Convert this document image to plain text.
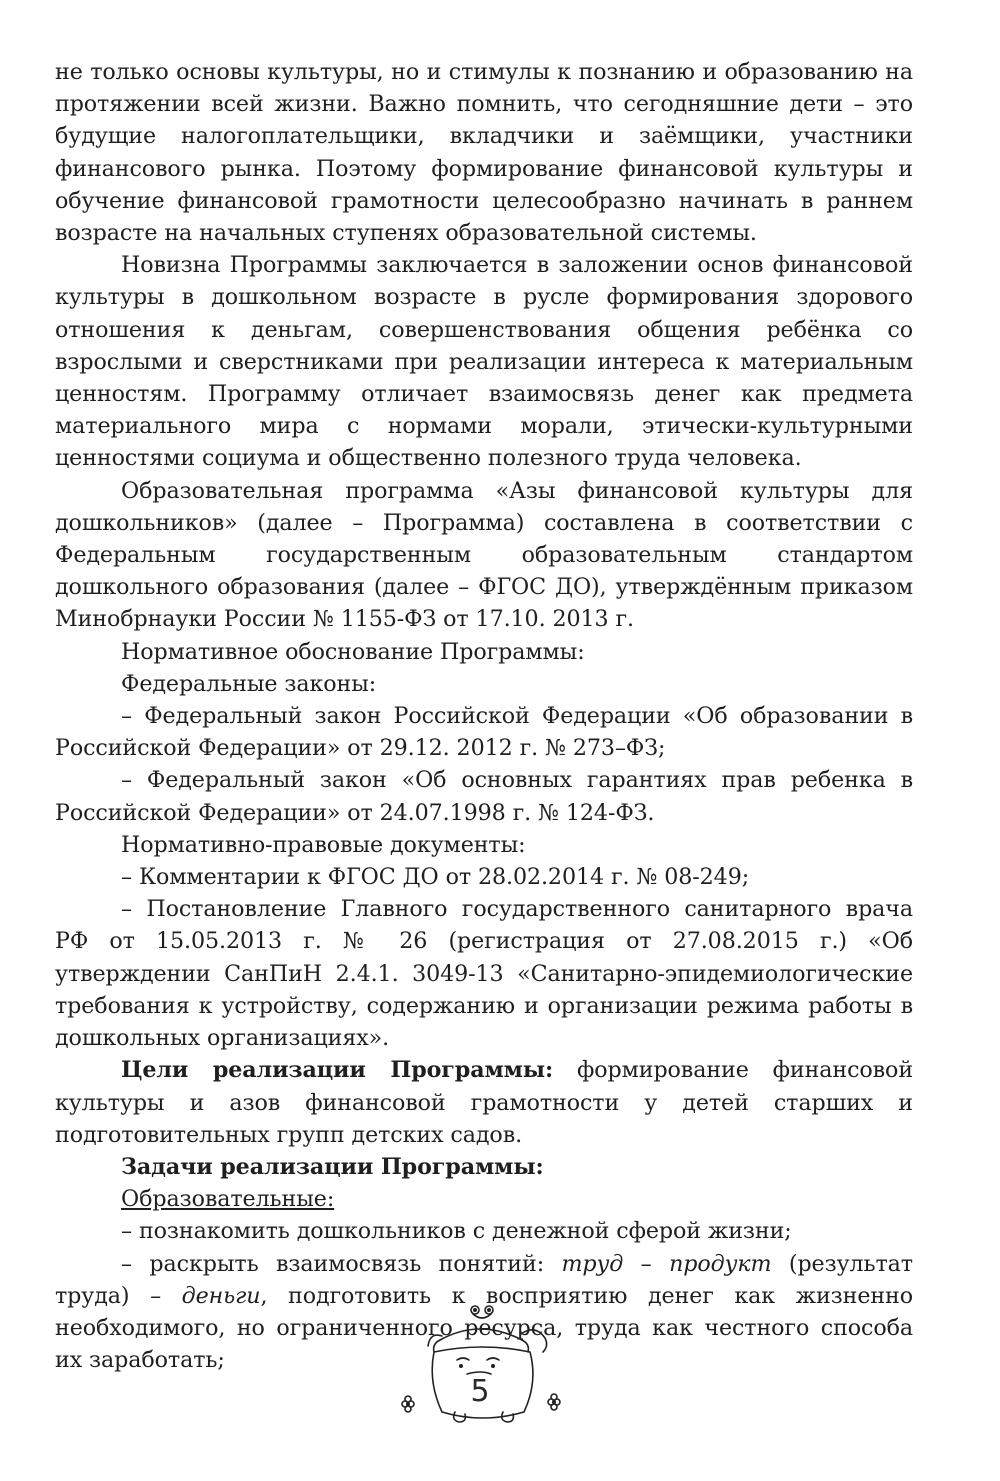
не только основы культуры, но и стимулы к познанию и образованию на протяжении всей жизни. Важно помнить, что сегодняшние дети – это будущие налогоплательщики, вкладчики и заёмщики, участники финансового рынка. Поэтому формирование финансовой культуры и обучение финансовой грамотности целесообразно начинать в раннем возрасте на начальных ступенях образовательной системы.

Новизна Программы заключается в заложении основ финансовой культуры в дошкольном возрасте в русле формирования здорового отношения к деньгам, совершенствования общения ребёнка со взрослыми и сверстниками при реализации интереса к материальным ценностям. Программу отличает взаимосвязь денег как предмета материального мира с нормами морали, этически-культурными ценностями социума и общественно полезного труда человека.

Образовательная программа «Азы финансовой культуры для дошкольников» (далее – Программа) составлена в соответствии с Федеральным государственным образовательным стандартом дошкольного образования (далее – ФГОС ДО), утверждённым приказом Минобрнауки России № 1155-ФЗ от 17.10. 2013 г.

Нормативное обоснование Программы:

Федеральные законы:

– Федеральный закон Российской Федерации «Об образовании в Российской Федерации» от 29.12. 2012 г. № 273–ФЗ;

– Федеральный закон «Об основных гарантиях прав ребенка в Российской Федерации» от 24.07.1998 г. № 124-ФЗ.

Нормативно-правовые документы:

– Комментарии к ФГОС ДО от 28.02.2014 г. № 08-249;

– Постановление Главного государственного санитарного врача РФ от 15.05.2013 г. № 26 (регистрация от 27.08.2015 г.) «Об утверждении СанПиН 2.4.1. 3049-13 «Санитарно-эпидемиологические требования к устройству, содержанию и организации режима работы в дошкольных организациях».

Цели реализации Программы: формирование финансовой культуры и азов финансовой грамотности у детей старших и подготовительных групп детских садов.

Задачи реализации Программы:

Образовательные:

– познакомить дошкольников с денежной сферой жизни;

– раскрыть взаимосвязь понятий: труд – продукт (результат труда) – деньги, подготовить к восприятию денег как жизненно необходимого, но ограниченного ресурса, труда как честного способа их заработать;

5
